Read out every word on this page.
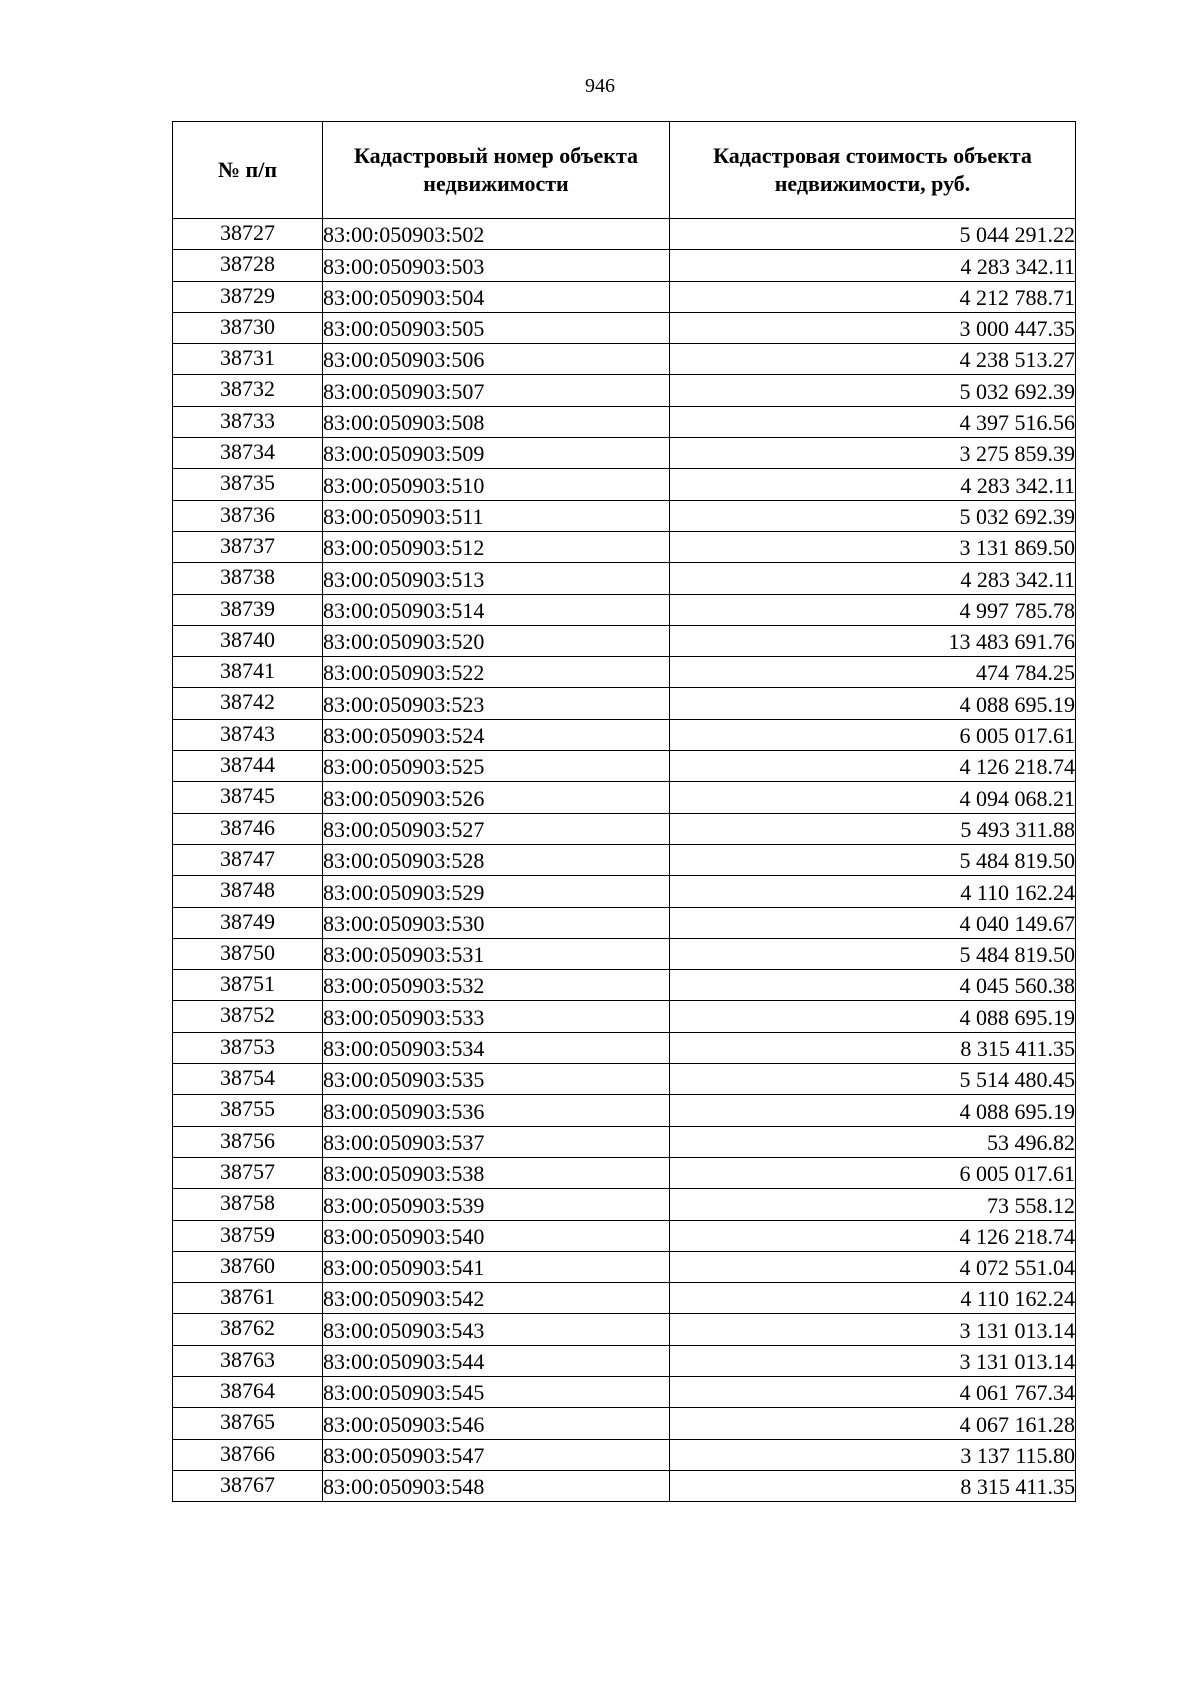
946
№ п/п	Кадастровый номер объекта недвижимости	Кадастровая стоимость объекта недвижимости, руб.
38727	83:00:050903:502	5 044 291.22
38728	83:00:050903:503	4 283 342.11
38729	83:00:050903:504	4 212 788.71
38730	83:00:050903:505	3 000 447.35
38731	83:00:050903:506	4 238 513.27
38732	83:00:050903:507	5 032 692.39
38733	83:00:050903:508	4 397 516.56
38734	83:00:050903:509	3 275 859.39
38735	83:00:050903:510	4 283 342.11
38736	83:00:050903:511	5 032 692.39
38737	83:00:050903:512	3 131 869.50
38738	83:00:050903:513	4 283 342.11
38739	83:00:050903:514	4 997 785.78
38740	83:00:050903:520	13 483 691.76
38741	83:00:050903:522	474 784.25
38742	83:00:050903:523	4 088 695.19
38743	83:00:050903:524	6 005 017.61
38744	83:00:050903:525	4 126 218.74
38745	83:00:050903:526	4 094 068.21
38746	83:00:050903:527	5 493 311.88
38747	83:00:050903:528	5 484 819.50
38748	83:00:050903:529	4 110 162.24
38749	83:00:050903:530	4 040 149.67
38750	83:00:050903:531	5 484 819.50
38751	83:00:050903:532	4 045 560.38
38752	83:00:050903:533	4 088 695.19
38753	83:00:050903:534	8 315 411.35
38754	83:00:050903:535	5 514 480.45
38755	83:00:050903:536	4 088 695.19
38756	83:00:050903:537	53 496.82
38757	83:00:050903:538	6 005 017.61
38758	83:00:050903:539	73 558.12
38759	83:00:050903:540	4 126 218.74
38760	83:00:050903:541	4 072 551.04
38761	83:00:050903:542	4 110 162.24
38762	83:00:050903:543	3 131 013.14
38763	83:00:050903:544	3 131 013.14
38764	83:00:050903:545	4 061 767.34
38765	83:00:050903:546	4 067 161.28
38766	83:00:050903:547	3 137 115.80
38767	83:00:050903:548	8 315 411.35
